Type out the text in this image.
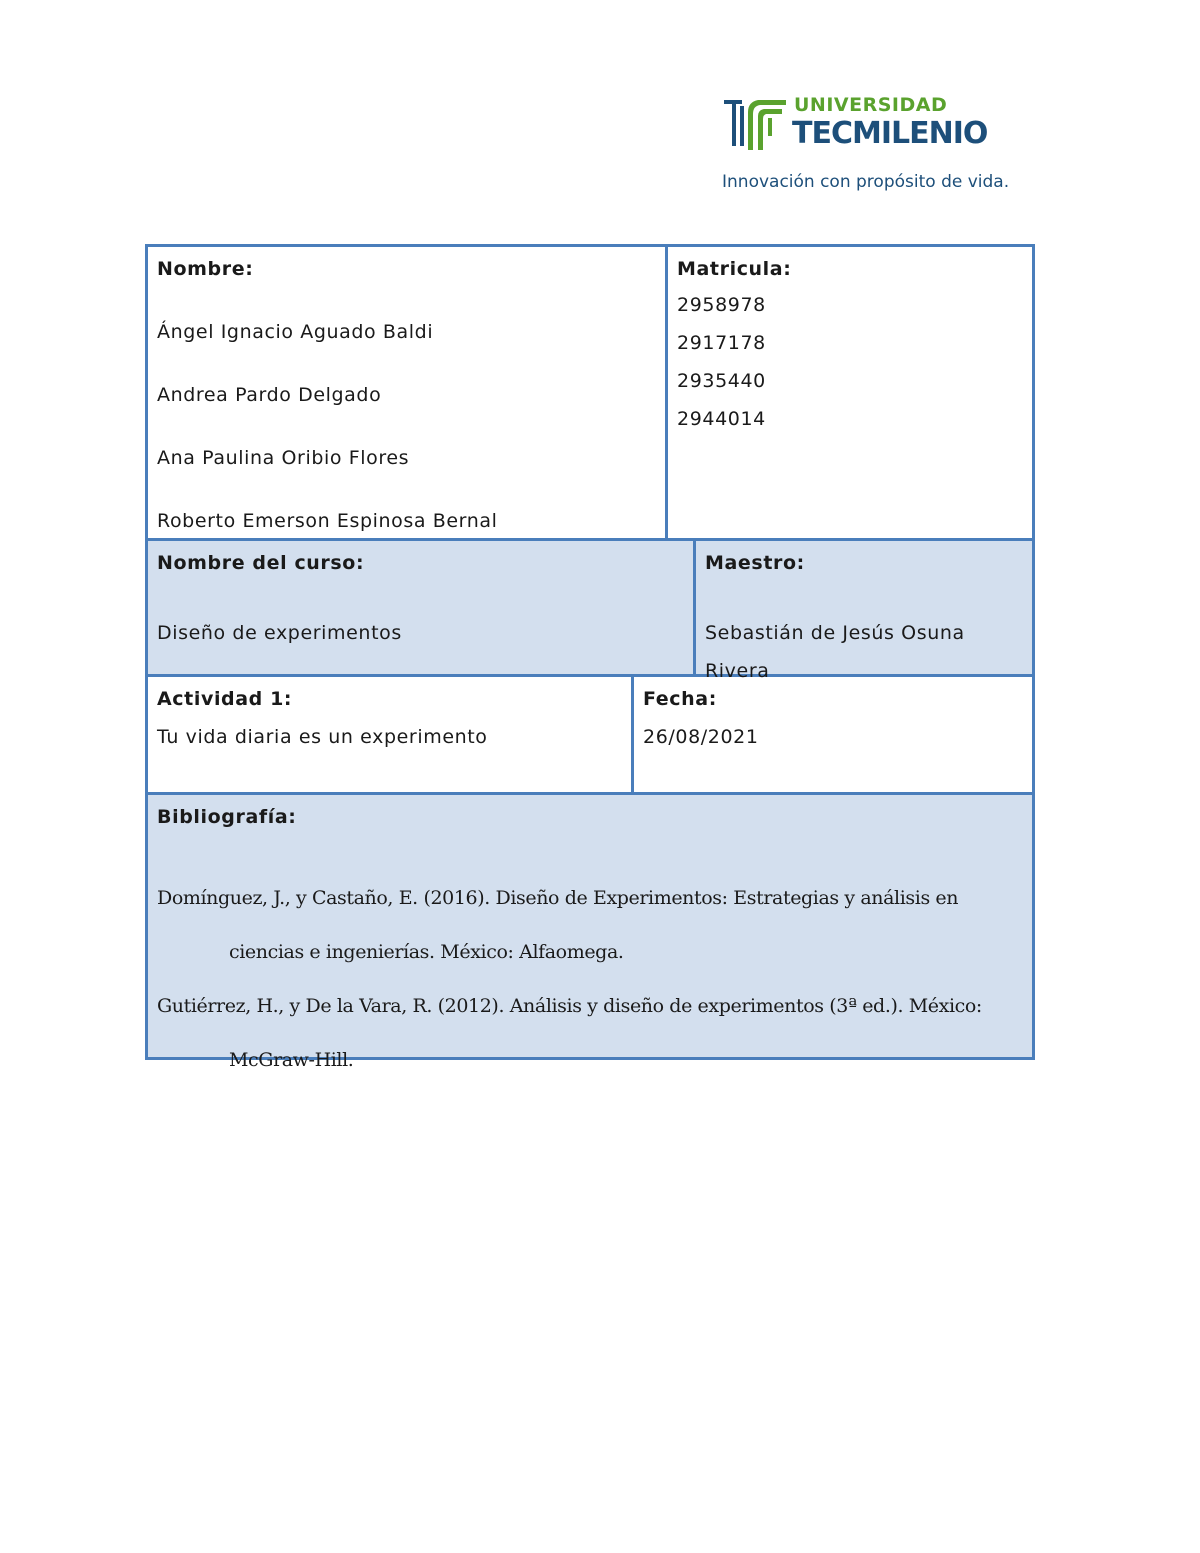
UNIVERSIDAD
TECMILENIO
Innovación con propósito de vida.
Nombre:
Ángel Ignacio Aguado Baldi
Andrea Pardo Delgado
Ana Paulina Oribio Flores
Roberto Emerson Espinosa Bernal
Matricula:
2958978
2917178
2935440
2944014
Nombre del curso:
Diseño de experimentos
Maestro:
Sebastián de Jesús Osuna Rivera
Actividad 1:
Tu vida diaria es un experimento
Fecha:
26/08/2021
Bibliografía:
Domínguez, J., y Castaño, E. (2016). Diseño de Experimentos: Estrategias y análisis en ciencias e ingenierías. México: Alfaomega.
Gutiérrez, H., y De la Vara, R. (2012). Análisis y diseño de experimentos (3ª ed.). México: McGraw-Hill.
